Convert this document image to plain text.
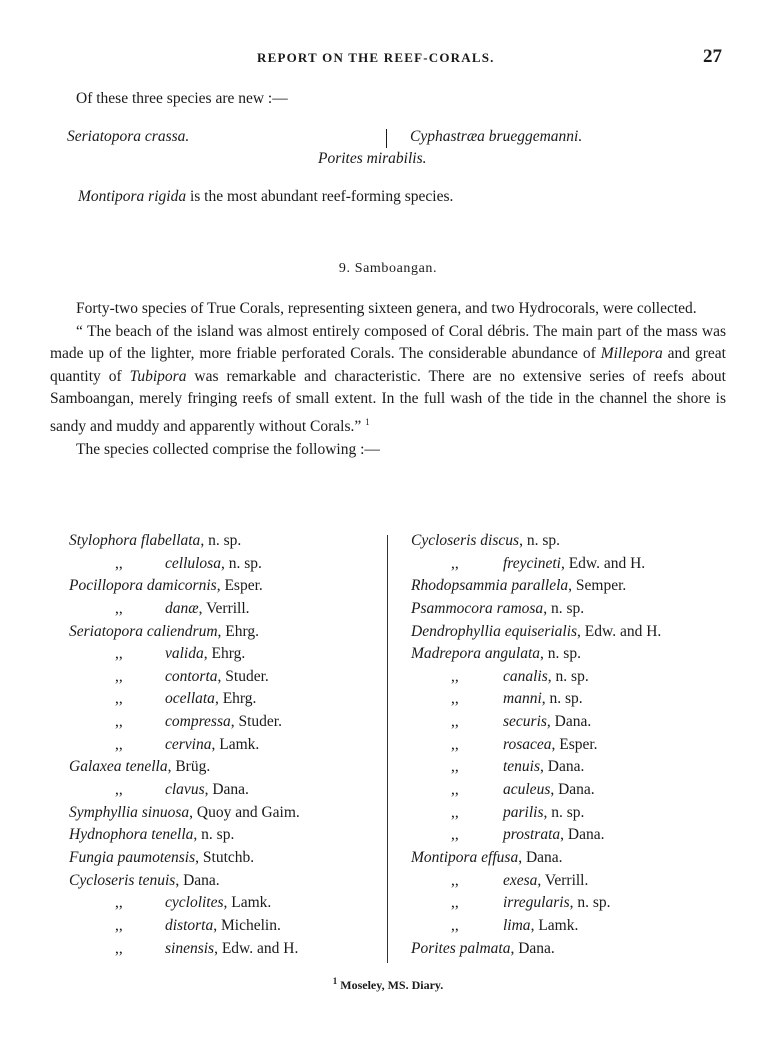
REPORT ON THE REEF-CORALS.	27
Of these three species are new :—
Seriatopora crassa.	Cyphastræa brueggemanni.
Porites mirabilis.
Montipora rigida is the most abundant reef-forming species.
9. Samboangan.

Forty-two species of True Corals, representing sixteen genera, and two Hydrocorals, were collected.

“ The beach of the island was almost entirely composed of Coral débris. The main part of the mass was made up of the lighter, more friable perforated Corals. The considerable abundance of Millepora and great quantity of Tubipora was remarkable and characteristic. There are no extensive series of reefs about Samboangan, merely fringing reefs of small extent. In the full wash of the tide in the channel the shore is sandy and muddy and apparently without Corals.” $^1$

The species collected comprise the following :—

Stylophora flabellata, n. sp.
,,	cellulosa, n. sp.
Pocillopora damicornis, Esper.
,,	danæ, Verrill.
Seriatopora caliendrum, Ehrg.
,,	valida, Ehrg.
,,	contorta, Studer.
,,	ocellata, Ehrg.
,,	compressa, Studer.
,,	cervina, Lamk.
Galaxea tenella, Brüg.
,,	clavus, Dana.
Symphyllia sinuosa, Quoy and Gaim.
Hydnophora tenella, n. sp.
Fungia paumotensis, Stutchb.
Cycloseris tenuis, Dana.
,,	cyclolites, Lamk.
,,	distorta, Michelin.
,,	sinensis, Edw. and H.
Cycloseris discus, n. sp.
,,	freycineti, Edw. and H.
Rhodopsammia parallela, Semper.
Psammocora ramosa, n. sp.
Dendrophyllia equiserialis, Edw. and H.
Madrepora angulata, n. sp.
,,	canalis, n. sp.
,,	manni, n. sp.
,,	securis, Dana.
,,	rosacea, Esper.
,,	tenuis, Dana.
,,	aculeus, Dana.
,,	parilis, n. sp.
,,	prostrata, Dana.
Montipora effusa, Dana.
,,	exesa, Verrill.
,,	irregularis, n. sp.
,,	lima, Lamk.
Porites palmata, Dana.
$^1$ Moseley, MS. Diary.
